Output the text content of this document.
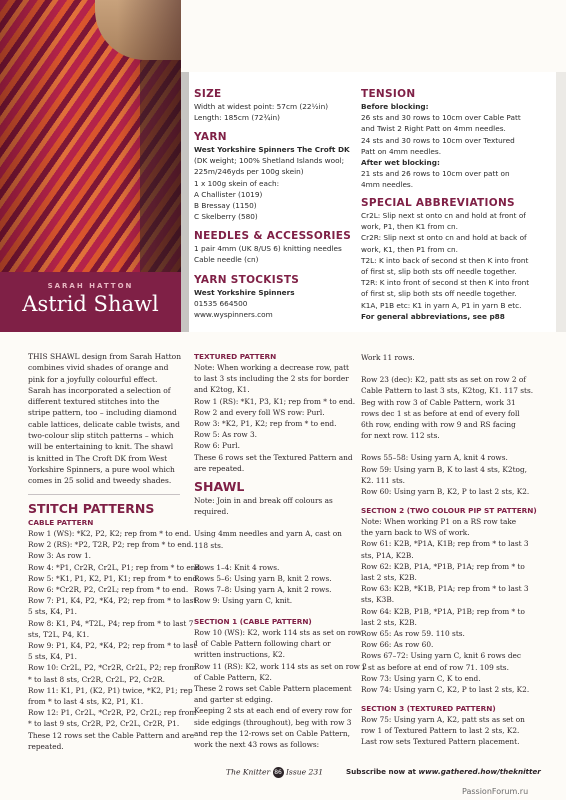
SARAH HATTON
Astrid Shawl
SIZE
Width at widest point: 57cm (22½in)
Length: 185cm (72¾in)
YARN
West Yorkshire Spinners The Croft DK
(DK weight; 100% Shetland Islands wool;
225m/246yds per 100g skein)
1 x 100g skein of each:
A Challister (1019)
B Bressay (1150)
C Skelberry (580)
NEEDLES & ACCESSORIES
1 pair 4mm (UK 8/US 6) knitting needles
Cable needle (cn)
YARN STOCKISTS
West Yorkshire Spinners
01535 664500
www.wyspinners.com
TENSION
Before blocking:
26 sts and 30 rows to 10cm over Cable Patt
and Twist 2 Right Patt on 4mm needles.
24 sts and 30 rows to 10cm over Textured
Patt on 4mm needles.
After wet blocking:
21 sts and 26 rows to 10cm over patt on
4mm needles.
SPECIAL ABBREVIATIONS
Cr2L: Slip next st onto cn and hold at front of
work, P1, then K1 from cn.
Cr2R: Slip next st onto cn and hold at back of
work, K1, then P1 from cn.
T2L: K into back of second st then K into front
of first st, slip both sts off needle together.
T2R: K into front of second st then K into front
of first st, slip both sts off needle together.
K1A, P1B etc: K1 in yarn A, P1 in yarn B etc.
For general abbreviations, see p88
THIS SHAWL design from Sarah Hatton
combines vivid shades of orange and
pink for a joyfully colourful effect.
Sarah has incorporated a selection of
different textured stitches into the
stripe pattern, too – including diamond
cable lattices, delicate cable twists, and
two-colour slip stitch patterns – which
will be entertaining to knit. The shawl
is knitted in The Croft DK from West
Yorkshire Spinners, a pure wool which
comes in 25 solid and tweedy shades.
STITCH PATTERNS
CABLE PATTERN
Row 1 (WS): *K2, P2, K2; rep from * to end.
Row 2 (RS): *P2, T2R, P2; rep from * to end.
Row 3: As row 1.
Row 4: *P1, Cr2R, Cr2L, P1; rep from * to end.
Row 5: *K1, P1, K2, P1, K1; rep from * to end.
Row 6: *Cr2R, P2, Cr2L; rep from * to end.
Row 7: P1, K4, P2, *K4, P2; rep from * to last
5 sts, K4, P1.
Row 8: K1, P4, *T2L, P4; rep from * to last 7
sts, T2L, P4, K1.
Row 9: P1, K4, P2, *K4, P2; rep from * to last
5 sts, K4, P1.
Row 10: Cr2L, P2, *Cr2R, Cr2L, P2; rep from
* to last 8 sts, Cr2R, Cr2L, P2, Cr2R.
Row 11: K1, P1, (K2, P1) twice, *K2, P1; rep
from * to last 4 sts, K2, P1, K1.
Row 12: P1, Cr2L, *Cr2R, P2, Cr2L; rep from
* to last 9 sts, Cr2R, P2, Cr2L, Cr2R, P1.
These 12 rows set the Cable Pattern and are
repeated.
TEXTURED PATTERN
Note: When working a decrease row, patt
to last 3 sts including the 2 sts for border
and K2tog, K1.
Row 1 (RS): *K1, P3, K1; rep from * to end.
Row 2 and every foll WS row: Purl.
Row 3: *K2, P1, K2; rep from * to end.
Row 5: As row 3.
Row 6: Purl.
These 6 rows set the Textured Pattern and
are repeated.
SHAWL
Note: Join in and break off colours as
required.
Using 4mm needles and yarn A, cast on
118 sts.
Rows 1–4: Knit 4 rows.
Rows 5–6: Using yarn B, knit 2 rows.
Rows 7–8: Using yarn A, knit 2 rows.
Row 9: Using yarn C, knit.
SECTION 1 (CABLE PATTERN)
Row 10 (WS): K2, work 114 sts as set on row
1 of Cable Pattern following chart or
written instructions, K2.
Row 11 (RS): K2, work 114 sts as set on row 2
of Cable Pattern, K2.
These 2 rows set Cable Pattern placement
and garter st edging.
Keeping 2 sts at each end of every row for
side edgings (throughout), beg with row 3
and rep the 12-rows set on Cable Pattern,
work the next 43 rows as follows:
Work 11 rows.
Row 23 (dec): K2, patt sts as set on row 2 of
Cable Pattern to last 3 sts, K2tog, K1. 117 sts.
Beg with row 3 of Cable Pattern, work 31
rows dec 1 st as before at end of every foll
6th row, ending with row 9 and RS facing
for next row. 112 sts.
Rows 55–58: Using yarn A, knit 4 rows.
Row 59: Using yarn B, K to last 4 sts, K2tog,
K2. 111 sts.
Row 60: Using yarn B, K2, P to last 2 sts, K2.
SECTION 2 (TWO COLOUR PIP ST PATTERN)
Note: When working P1 on a RS row take
the yarn back to WS of work.
Row 61: K2B, *P1A, K1B; rep from * to last 3
sts, P1A, K2B.
Row 62: K2B, P1A, *P1B, P1A; rep from * to
last 2 sts, K2B.
Row 63: K2B, *K1B, P1A; rep from * to last 3
sts, K3B.
Row 64: K2B, P1B, *P1A, P1B; rep from * to
last 2 sts, K2B.
Row 65: As row 59. 110 sts.
Row 66: As row 60.
Rows 67–72: Using yarn C, knit 6 rows dec
1 st as before at end of row 71. 109 sts.
Row 73: Using yarn C, K to end.
Row 74: Using yarn C, K2, P to last 2 sts, K2.
SECTION 3 (TEXTURED PATTERN)
Row 75: Using yarn A, K2, patt sts as set on
row 1 of Textured Pattern to last 2 sts, K2.
Last row sets Textured Pattern placement.
The Knitter 86 Issue 231	Subscribe now at www.gathered.how/theknitter
PassionForum.ru
